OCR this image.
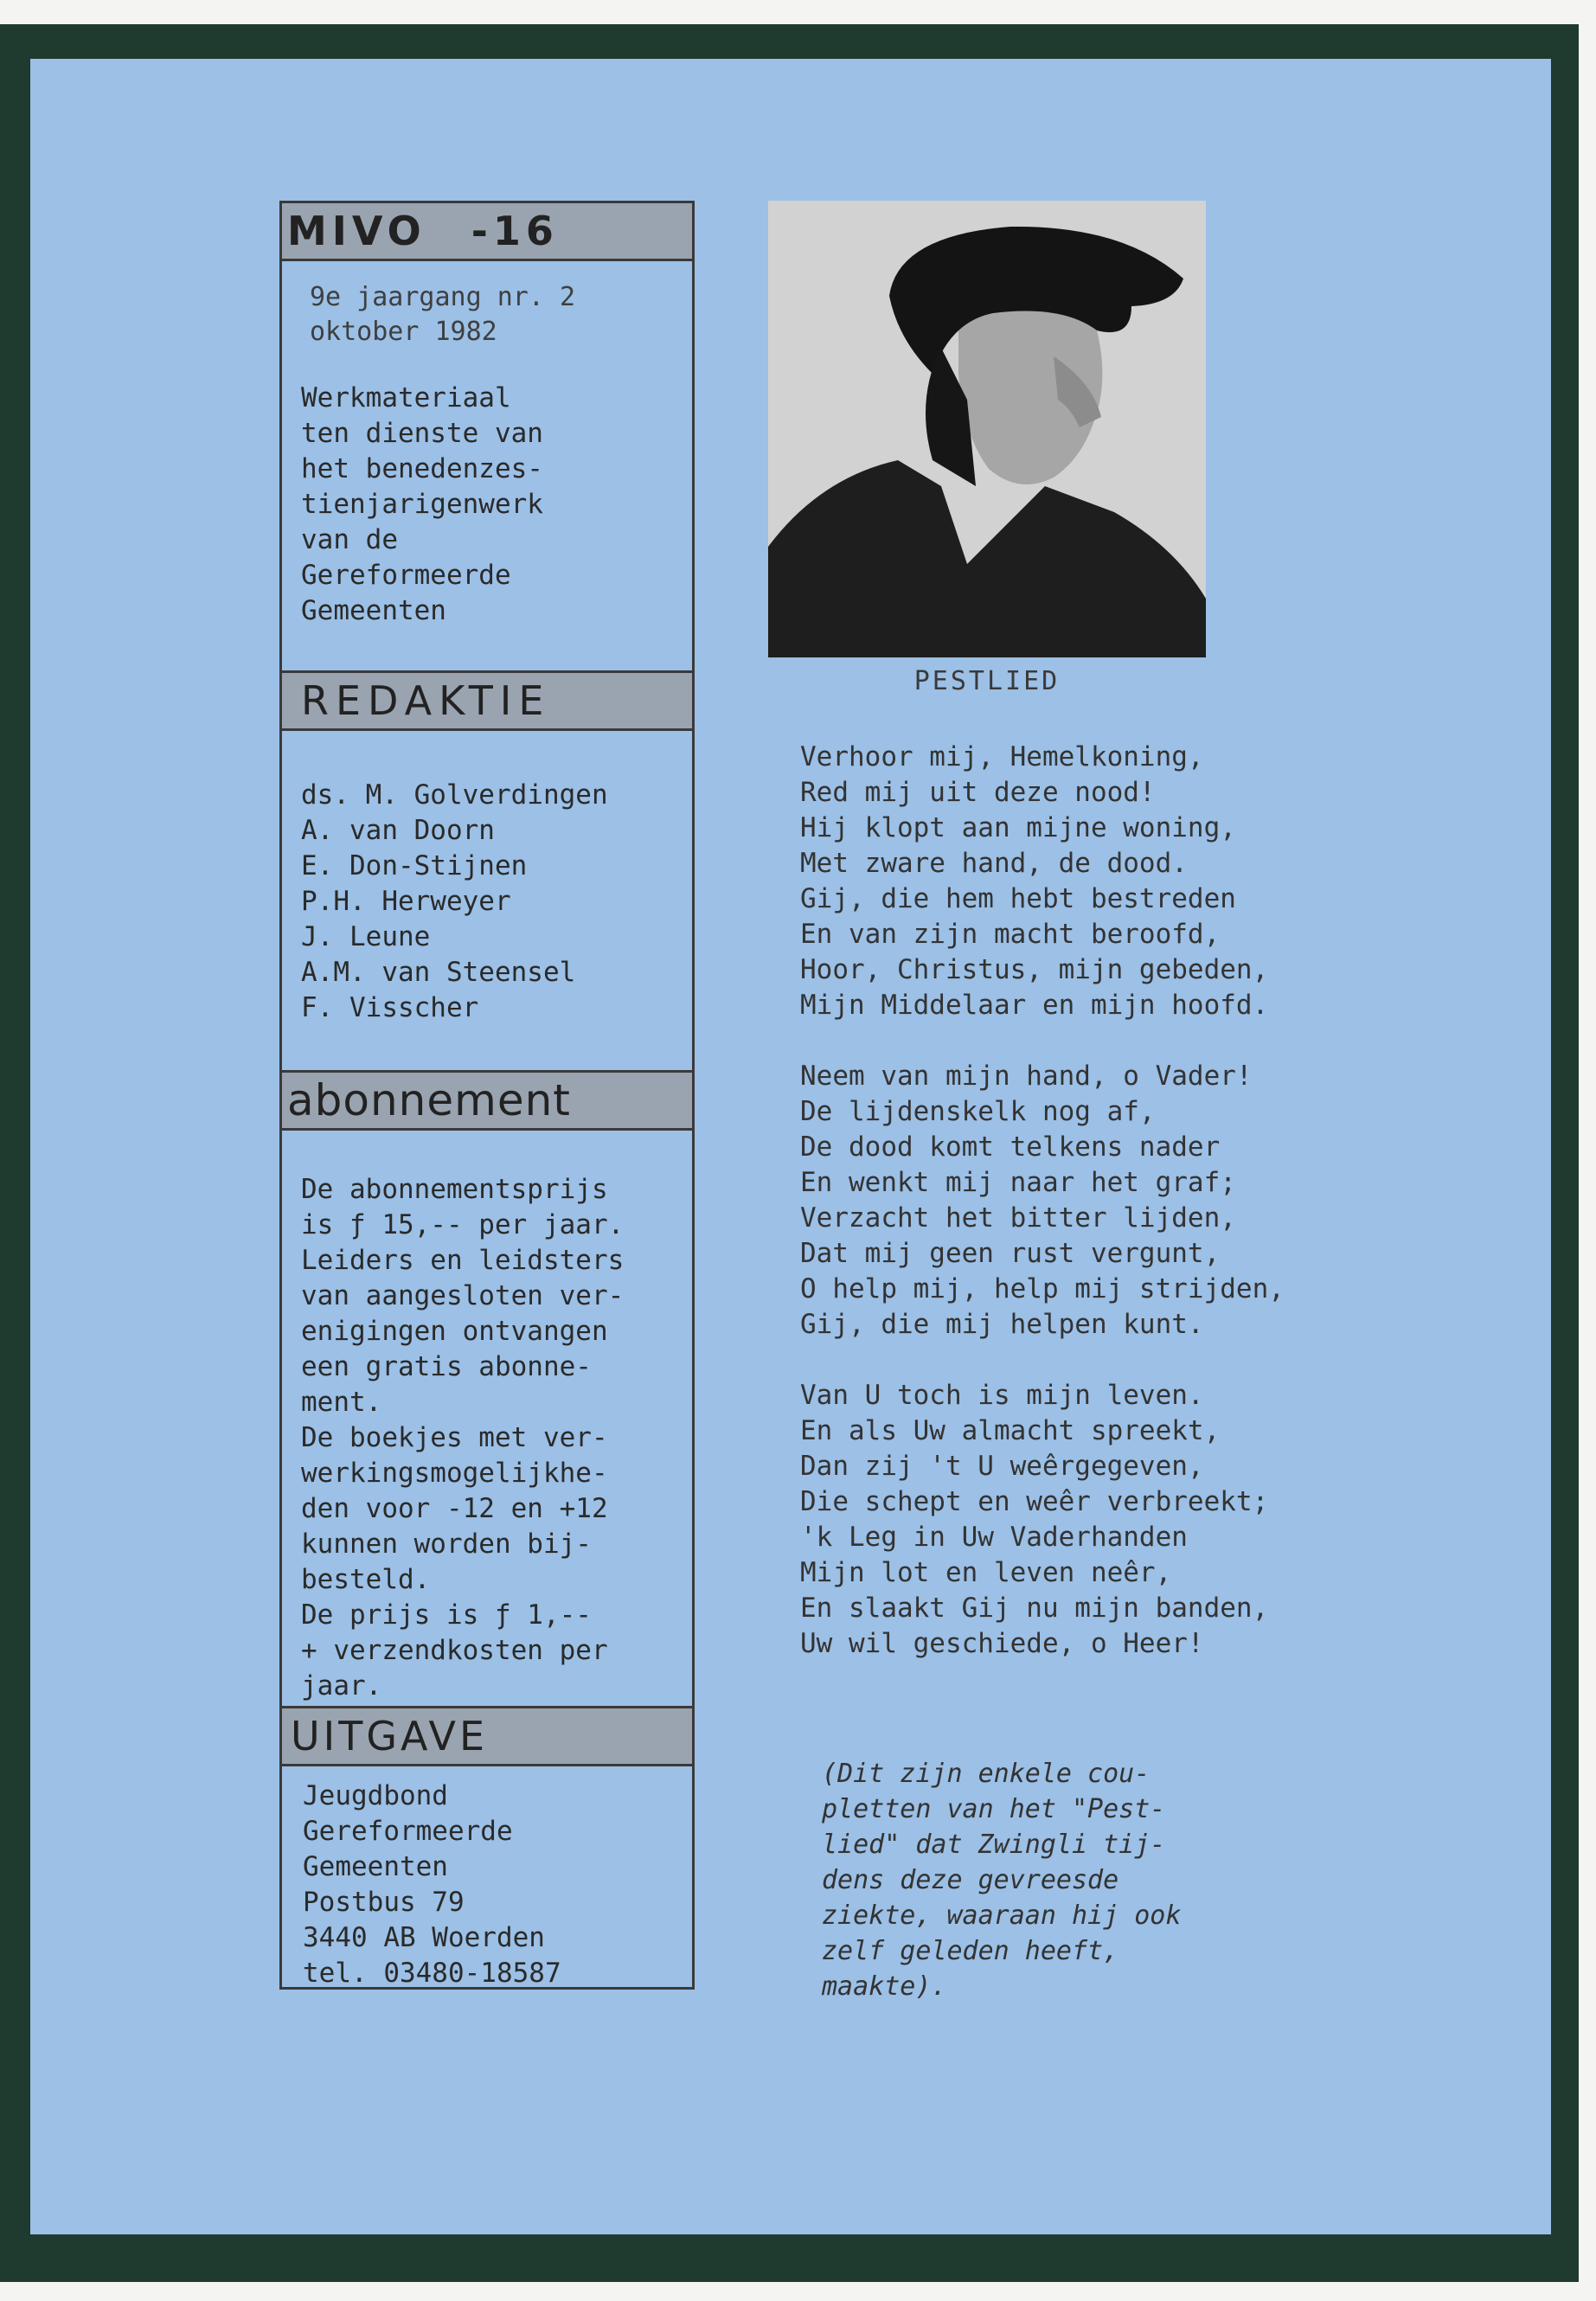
MIVO -16
9e jaargang nr. 2
oktober 1982
Werkmateriaal
ten dienste van
het benedenzes-
tienjarigenwerk
van de
Gereformeerde
Gemeenten
REDAKTIE
ds. M. Golverdingen
A. van Doorn
E. Don-Stijnen
P.H. Herweyer
J. Leune
A.M. van Steensel
F. Visscher
abonnement
De abonnementsprijs
is ƒ 15,-- per jaar.
Leiders en leidsters
van aangesloten ver-
enigingen ontvangen
een gratis abonne-
ment.
De boekjes met ver-
werkingsmogelijkhe-
den voor -12 en +12
kunnen worden bij-
besteld.
De prijs is ƒ 1,--
+ verzendkosten per
jaar.
UITGAVE
Jeugdbond
Gereformeerde
Gemeenten
Postbus 79
3440 AB Woerden
tel. 03480-18587
PESTLIED
Verhoor mij, Hemelkoning,
Red mij uit deze nood!
Hij klopt aan mijne woning,
Met zware hand, de dood.
Gij, die hem hebt bestreden
En van zijn macht beroofd,
Hoor, Christus, mijn gebeden,
Mijn Middelaar en mijn hoofd.
Neem van mijn hand, o Vader!
De lijdenskelk nog af,
De dood komt telkens nader
En wenkt mij naar het graf;
Verzacht het bitter lijden,
Dat mij geen rust vergunt,
O help mij, help mij strijden,
Gij, die mij helpen kunt.
Van U toch is mijn leven.
En als Uw almacht spreekt,
Dan zij 't U weêrgegeven,
Die schept en weêr verbreekt;
'k Leg in Uw Vaderhanden
Mijn lot en leven neêr,
En slaakt Gij nu mijn banden,
Uw wil geschiede, o Heer!
(Dit zijn enkele cou-
pletten van het "Pest-
lied" dat Zwingli tij-
dens deze gevreesde
ziekte, waaraan hij ook
zelf geleden heeft,
maakte).
